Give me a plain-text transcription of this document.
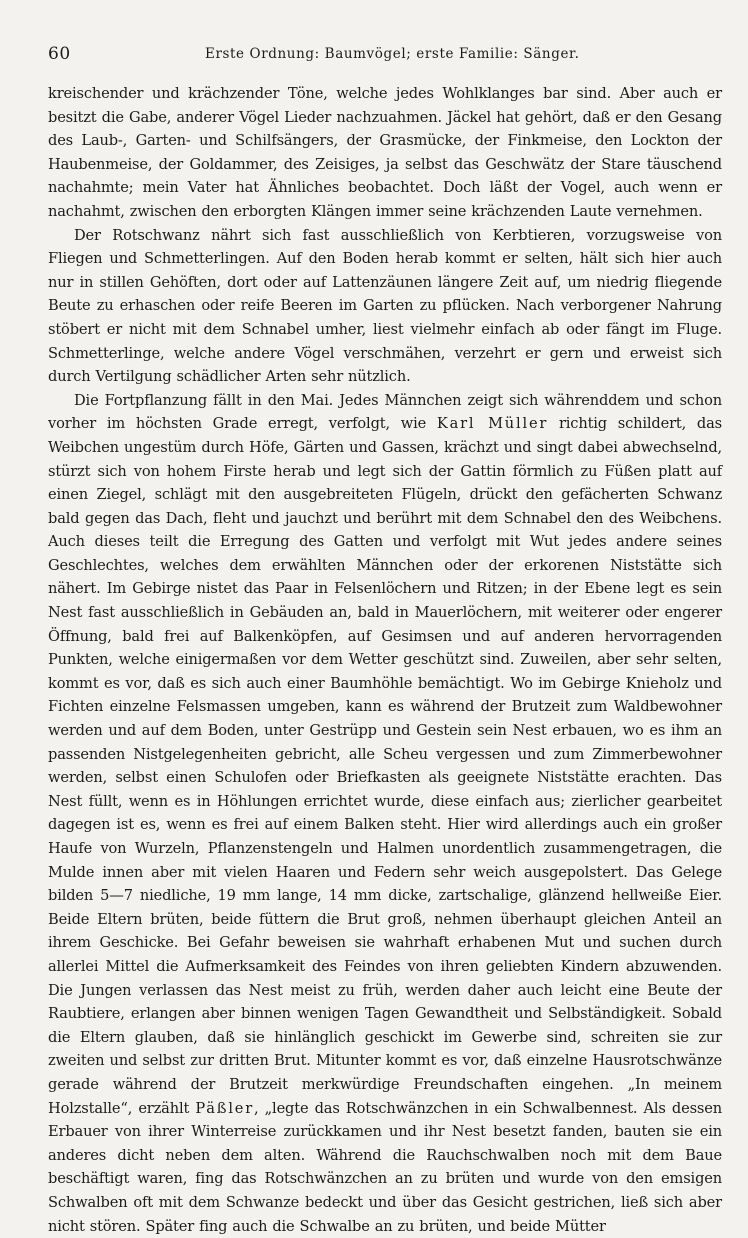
60	Erste Ordnung: Baumvögel; erste Familie: Sänger.

kreischender und krächzender Töne, welche jedes Wohlklanges bar sind. Aber auch er besitzt die Gabe, anderer Vögel Lieder nachzuahmen. Jäckel hat gehört, daß er den Gesang des Laub-, Garten- und Schilfsängers, der Grasmücke, der Finkmeise, den Lockton der Haubenmeise, der Goldammer, des Zeisiges, ja selbst das Geschwätz der Stare täuschend nachahmte; mein Vater hat Ähnliches beobachtet. Doch läßt der Vogel, auch wenn er nachahmt, zwischen den erborgten Klängen immer seine krächzenden Laute vernehmen.

Der Rotschwanz nährt sich fast ausschließlich von Kerbtieren, vorzugsweise von Fliegen und Schmetterlingen. Auf den Boden herab kommt er selten, hält sich hier auch nur in stillen Gehöften, dort oder auf Lattenzäunen längere Zeit auf, um niedrig fliegende Beute zu erhaschen oder reife Beeren im Garten zu pflücken. Nach verborgener Nahrung stöbert er nicht mit dem Schnabel umher, liest vielmehr einfach ab oder fängt im Fluge. Schmetterlinge, welche andere Vögel verschmähen, verzehrt er gern und erweist sich durch Vertilgung schädlicher Arten sehr nützlich.

Die Fortpflanzung fällt in den Mai. Jedes Männchen zeigt sich währenddem und schon vorher im höchsten Grade erregt, verfolgt, wie Karl Müller richtig schildert, das Weibchen ungestüm durch Höfe, Gärten und Gassen, krächzt und singt dabei abwechselnd, stürzt sich von hohem Firste herab und legt sich der Gattin förmlich zu Füßen platt auf einen Ziegel, schlägt mit den ausgebreiteten Flügeln, drückt den gefächerten Schwanz bald gegen das Dach, fleht und jauchzt und berührt mit dem Schnabel den des Weibchens. Auch dieses teilt die Erregung des Gatten und verfolgt mit Wut jedes andere seines Geschlechtes, welches dem erwählten Männchen oder der erkorenen Niststätte sich nähert. Im Gebirge nistet das Paar in Felsenlöchern und Ritzen; in der Ebene legt es sein Nest fast ausschließlich in Gebäuden an, bald in Mauerlöchern, mit weiterer oder engerer Öffnung, bald frei auf Balkenköpfen, auf Gesimsen und auf anderen hervorragenden Punkten, welche einigermaßen vor dem Wetter geschützt sind. Zuweilen, aber sehr selten, kommt es vor, daß es sich auch einer Baumhöhle bemächtigt. Wo im Gebirge Knieholz und Fichten einzelne Felsmassen umgeben, kann es während der Brutzeit zum Waldbewohner werden und auf dem Boden, unter Gestrüpp und Gestein sein Nest erbauen, wo es ihm an passenden Nistgelegenheiten gebricht, alle Scheu vergessen und zum Zimmerbewohner werden, selbst einen Schulofen oder Briefkasten als geeignete Niststätte erachten. Das Nest füllt, wenn es in Höhlungen errichtet wurde, diese einfach aus; zierlicher gearbeitet dagegen ist es, wenn es frei auf einem Balken steht. Hier wird allerdings auch ein großer Haufe von Wurzeln, Pflanzenstengeln und Halmen unordentlich zusammengetragen, die Mulde innen aber mit vielen Haaren und Federn sehr weich ausgepolstert. Das Gelege bilden 5—7 niedliche, 19 mm lange, 14 mm dicke, zartschalige, glänzend hellweiße Eier. Beide Eltern brüten, beide füttern die Brut groß, nehmen überhaupt gleichen Anteil an ihrem Geschicke. Bei Gefahr beweisen sie wahrhaft erhabenen Mut und suchen durch allerlei Mittel die Aufmerksamkeit des Feindes von ihren geliebten Kindern abzuwenden. Die Jungen verlassen das Nest meist zu früh, werden daher auch leicht eine Beute der Raubtiere, erlangen aber binnen wenigen Tagen Gewandtheit und Selbständigkeit. Sobald die Eltern glauben, daß sie hinlänglich geschickt im Gewerbe sind, schreiten sie zur zweiten und selbst zur dritten Brut. Mitunter kommt es vor, daß einzelne Hausrotschwänze gerade während der Brutzeit merkwürdige Freundschaften eingehen. „In meinem Holzstalle“, erzählt Päßler, „legte das Rotschwänzchen in ein Schwalbennest. Als dessen Erbauer von ihrer Winterreise zurückkamen und ihr Nest besetzt fanden, bauten sie ein anderes dicht neben dem alten. Während die Rauchschwalben noch mit dem Baue beschäftigt waren, fing das Rotschwänzchen an zu brüten und wurde von den emsigen Schwalben oft mit dem Schwanze bedeckt und über das Gesicht gestrichen, ließ sich aber nicht stören. Später fing auch die Schwalbe an zu brüten, und beide Mütter
